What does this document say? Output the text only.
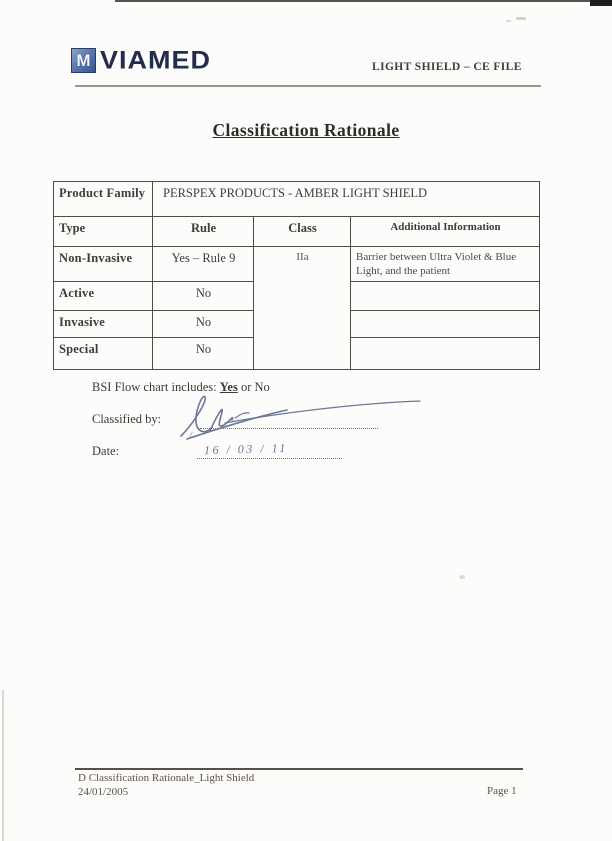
M VIAMED	LIGHT SHIELD – CE FILE
Classification Rationale
Product Family	PERSPEX PRODUCTS - AMBER LIGHT SHIELD		
Type	Rule	Class	Additional Information
Non-Invasive	Yes – Rule 9	IIa	Barrier between Ultra Violet & Blue Light, and the patient
Active	No		
Invasive	No		
Special	No		
BSI Flow chart includes: Yes or No
Classified by:
Date:
/
16 / 03 / 11
D Classification Rationale_Light Shield
24/01/2005	Page 1
